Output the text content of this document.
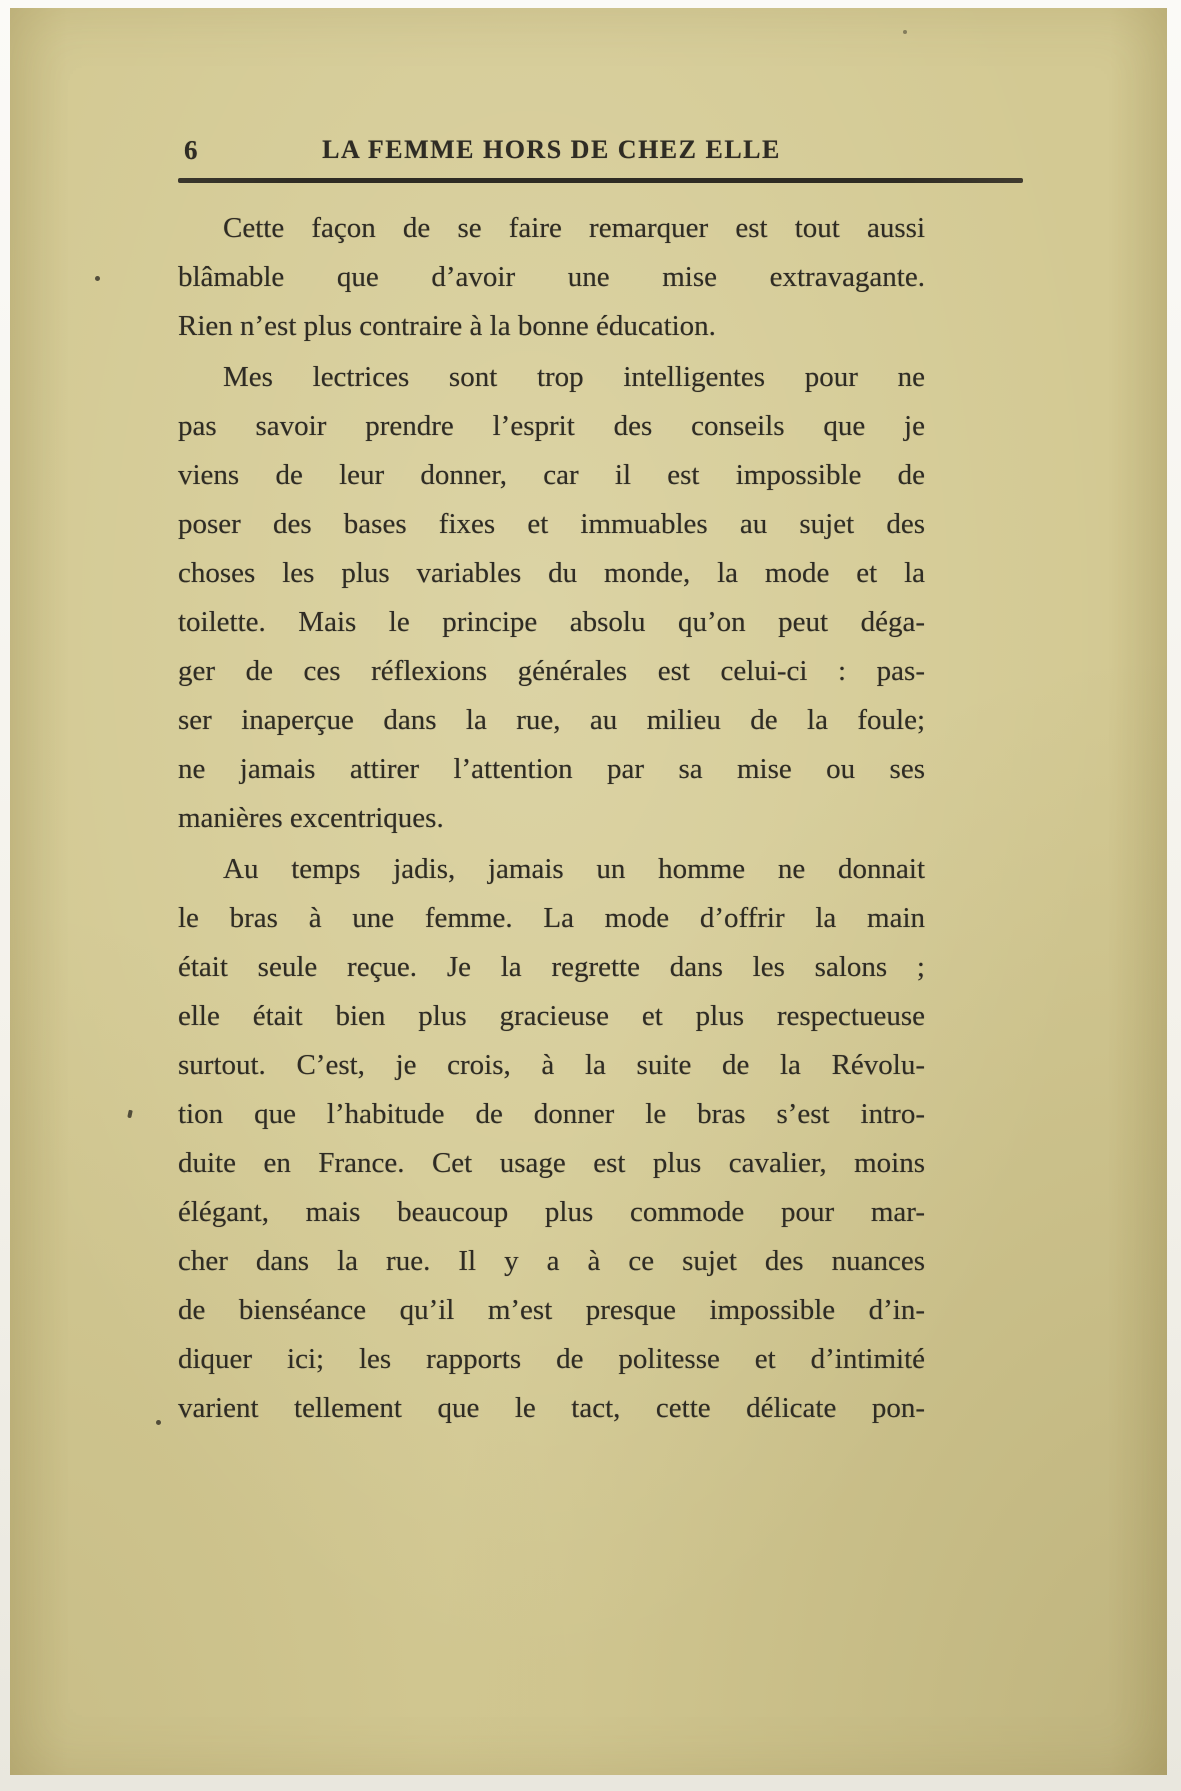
6	LA FEMME HORS DE CHEZ ELLE
Cette façon de se faire remarquer est tout aussi
blâmable que d’avoir une mise extravagante.
Rien n’est plus contraire à la bonne éducation.
Mes lectrices sont trop intelligentes pour ne
pas savoir prendre l’esprit des conseils que je
viens de leur donner, car il est impossible de
poser des bases fixes et immuables au sujet des
choses les plus variables du monde, la mode et la
toilette. Mais le principe absolu qu’on peut déga-
ger de ces réflexions générales est celui-ci : pas-
ser inaperçue dans la rue, au milieu de la foule;
ne jamais attirer l’attention par sa mise ou ses
manières excentriques.
Au temps jadis, jamais un homme ne donnait
le bras à une femme. La mode d’offrir la main
était seule reçue. Je la regrette dans les salons ;
elle était bien plus gracieuse et plus respectueuse
surtout. C’est, je crois, à la suite de la Révolu-
tion que l’habitude de donner le bras s’est intro-
duite en France. Cet usage est plus cavalier, moins
élégant, mais beaucoup plus commode pour mar-
cher dans la rue. Il y a à ce sujet des nuances
de bienséance qu’il m’est presque impossible d’in-
diquer ici; les rapports de politesse et d’intimité
varient tellement que le tact, cette délicate pon-
